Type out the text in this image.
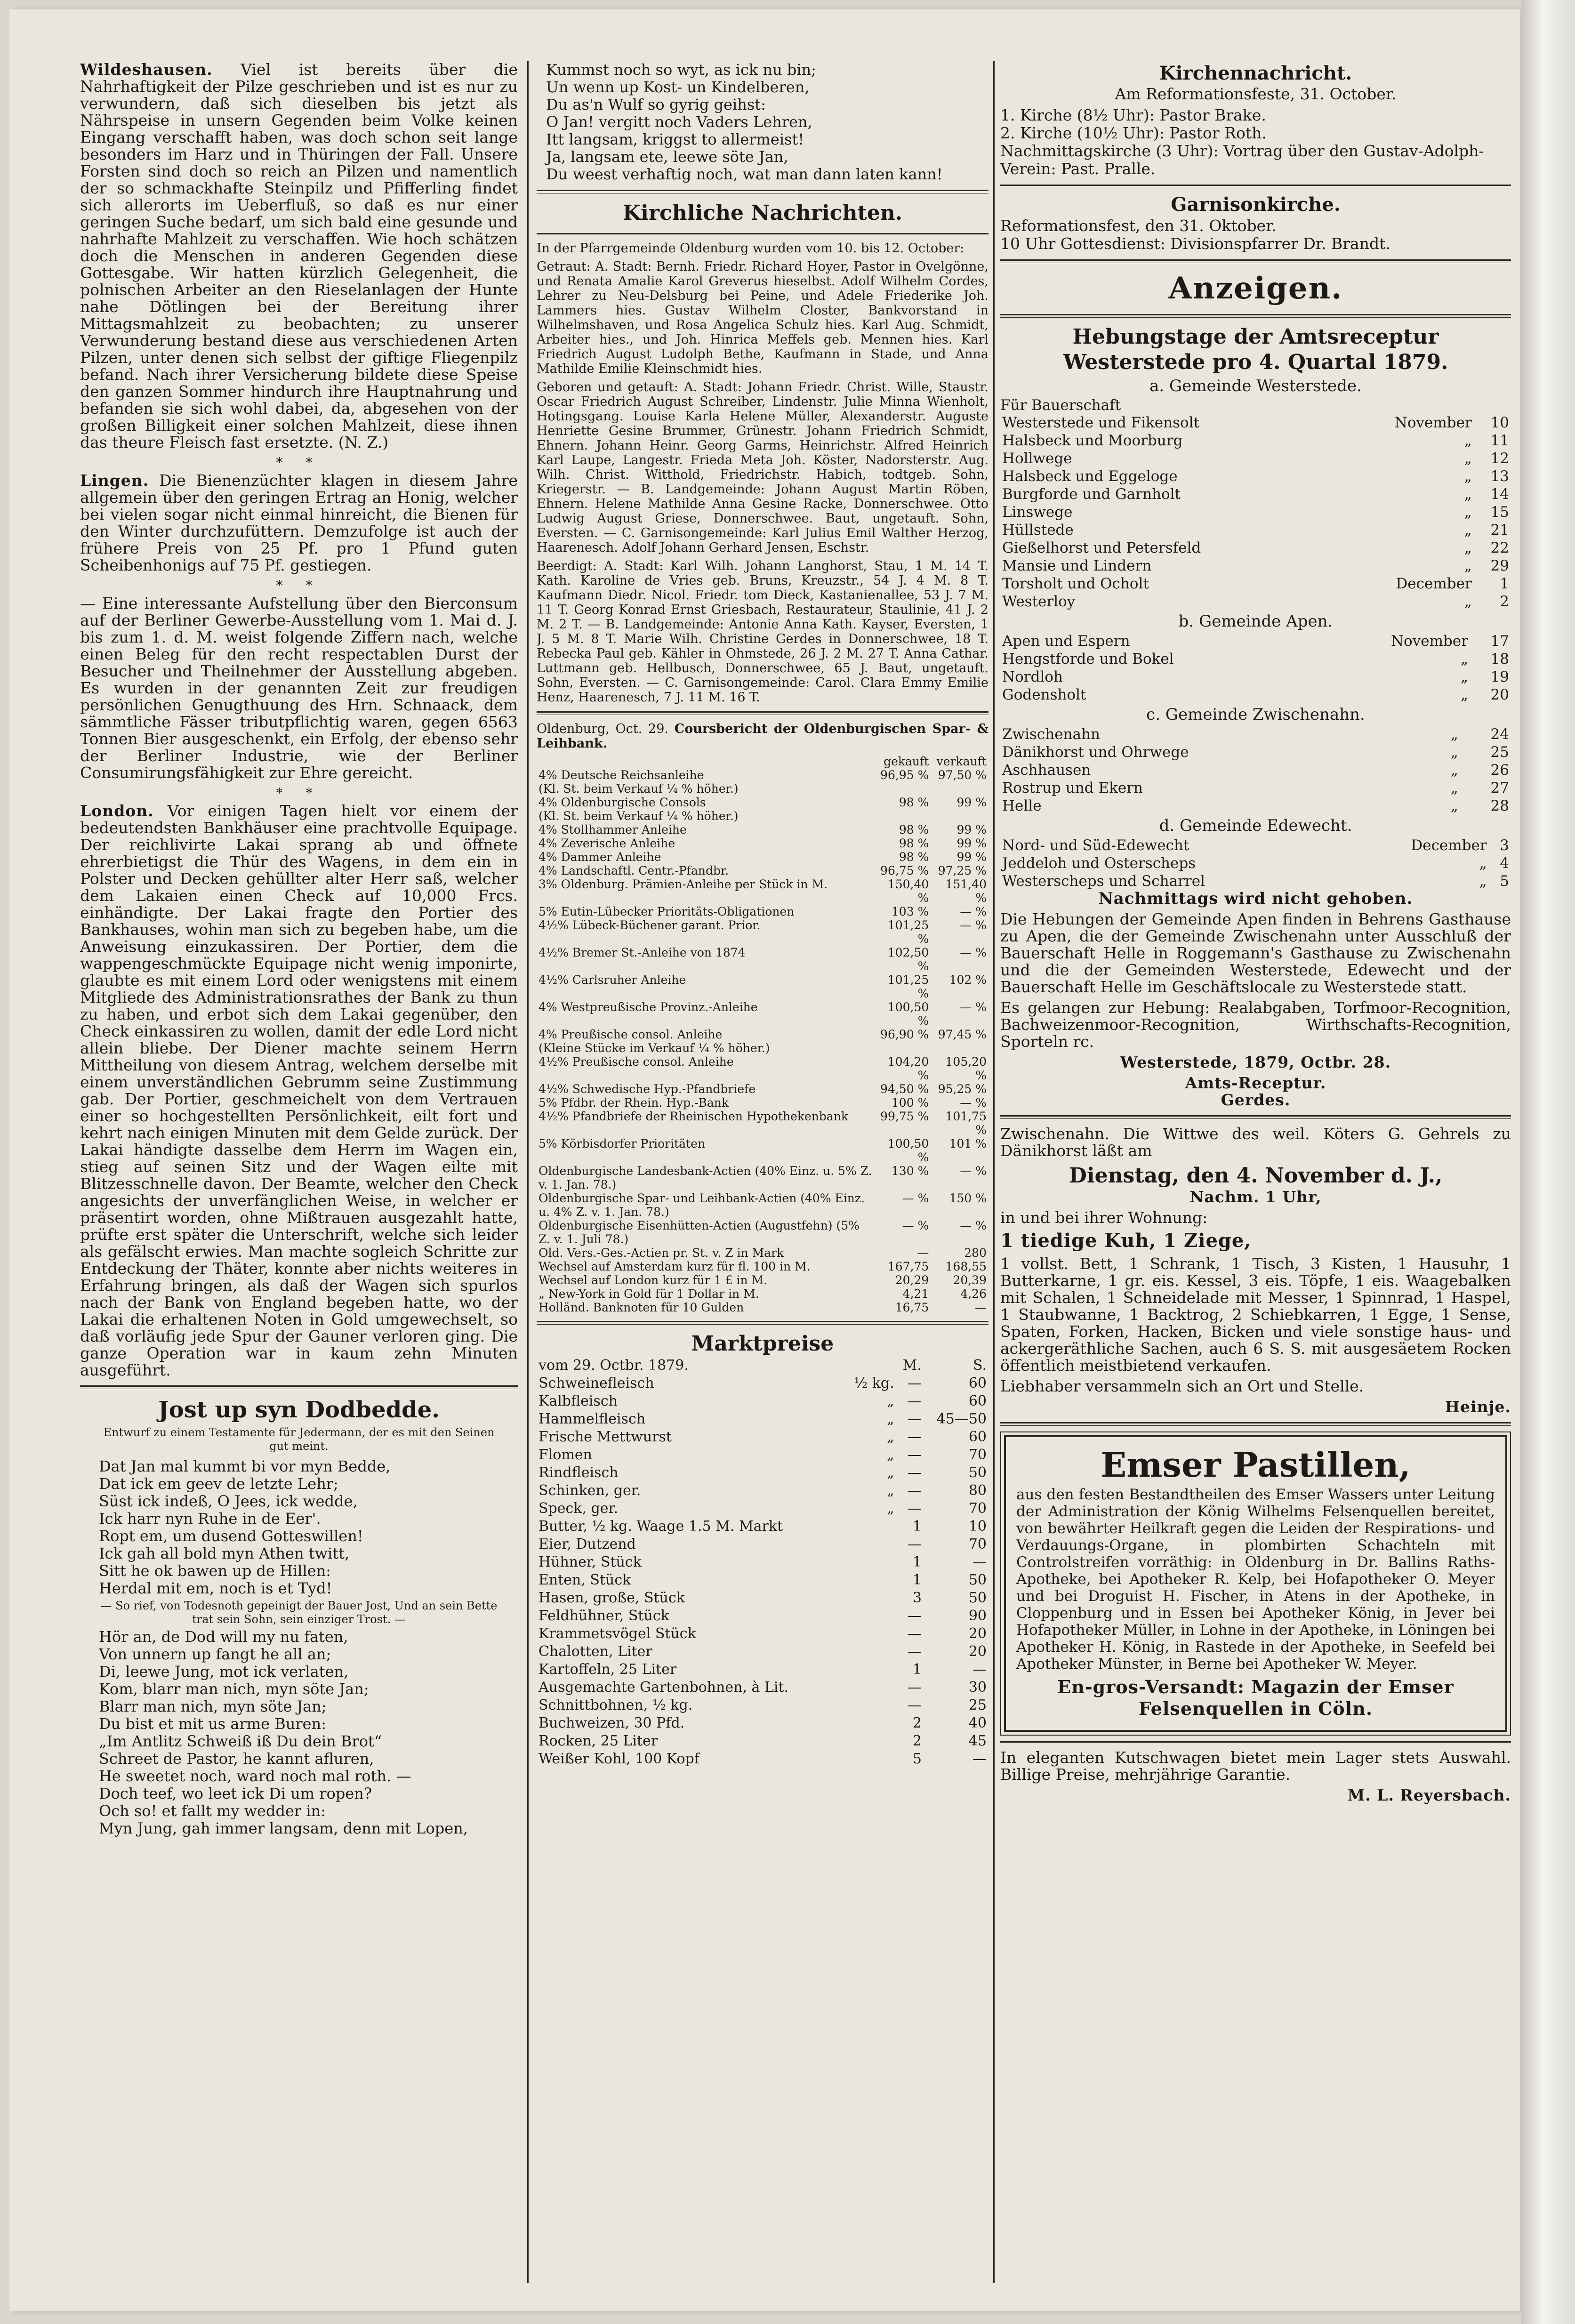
Wildeshausen. Viel ist bereits über die Nahrhaftigkeit der Pilze geschrieben und ist es nur zu verwundern, daß sich dieselben bis jetzt als Nährspeise in unsern Gegenden beim Volke keinen Eingang verschafft haben, was doch schon seit lange besonders im Harz und in Thüringen der Fall. Unsere Forsten sind doch so reich an Pilzen und namentlich der so schmackhafte Steinpilz und Pfifferling findet sich allerorts im Ueberfluß, so daß es nur einer geringen Suche bedarf, um sich bald eine gesunde und nahrhafte Mahlzeit zu verschaffen. Wie hoch schätzen doch die Menschen in anderen Gegenden diese Gottesgabe. Wir hatten kürzlich Gelegenheit, die polnischen Arbeiter an den Rieselanlagen der Hunte nahe Dötlingen bei der Bereitung ihrer Mittagsmahlzeit zu beobachten; zu unserer Verwunderung bestand diese aus verschiedenen Arten Pilzen, unter denen sich selbst der giftige Fliegenpilz befand. Nach ihrer Versicherung bildete diese Speise den ganzen Sommer hindurch ihre Hauptnahrung und befanden sie sich wohl dabei, da, abgesehen von der großen Billigkeit einer solchen Mahlzeit, diese ihnen das theure Fleisch fast ersetzte. (N. Z.)

* *

Lingen. Die Bienenzüchter klagen in diesem Jahre allgemein über den geringen Ertrag an Honig, welcher bei vielen sogar nicht einmal hinreicht, die Bienen für den Winter durchzufüttern. Demzufolge ist auch der frühere Preis von 25 Pf. pro 1 Pfund guten Scheibenhonigs auf 75 Pf. gestiegen.

* *

— Eine interessante Aufstellung über den Bierconsum auf der Berliner Gewerbe-Ausstellung vom 1. Mai d. J. bis zum 1. d. M. weist folgende Ziffern nach, welche einen Beleg für den recht respectablen Durst der Besucher und Theilnehmer der Ausstellung abgeben. Es wurden in der genannten Zeit zur freudigen persönlichen Genugthuung des Hrn. Schnaack, dem sämmtliche Fässer tributpflichtig waren, gegen 6563 Tonnen Bier ausgeschenkt, ein Erfolg, der ebenso sehr der Berliner Industrie, wie der Berliner Consumirungsfähigkeit zur Ehre gereicht.

* *

London. Vor einigen Tagen hielt vor einem der bedeutendsten Bankhäuser eine prachtvolle Equipage. Der reichlivirte Lakai sprang ab und öffnete ehrerbietigst die Thür des Wagens, in dem ein in Polster und Decken gehüllter alter Herr saß, welcher dem Lakaien einen Check auf 10,000 Frcs. einhändigte. Der Lakai fragte den Portier des Bankhauses, wohin man sich zu begeben habe, um die Anweisung einzukassiren. Der Portier, dem die wappengeschmückte Equipage nicht wenig imponirte, glaubte es mit einem Lord oder wenigstens mit einem Mitgliede des Administrationsrathes der Bank zu thun zu haben, und erbot sich dem Lakai gegenüber, den Check einkassiren zu wollen, damit der edle Lord nicht allein bliebe. Der Diener machte seinem Herrn Mittheilung von diesem Antrag, welchem derselbe mit einem unverständlichen Gebrumm seine Zustimmung gab. Der Portier, geschmeichelt von dem Vertrauen einer so hochgestellten Persönlichkeit, eilt fort und kehrt nach einigen Minuten mit dem Gelde zurück. Der Lakai händigte dasselbe dem Herrn im Wagen ein, stieg auf seinen Sitz und der Wagen eilte mit Blitzesschnelle davon. Der Beamte, welcher den Check angesichts der unverfänglichen Weise, in welcher er präsentirt worden, ohne Mißtrauen ausgezahlt hatte, prüfte erst später die Unterschrift, welche sich leider als gefälscht erwies. Man machte sogleich Schritte zur Entdeckung der Thäter, konnte aber nichts weiteres in Erfahrung bringen, als daß der Wagen sich spurlos nach der Bank von England begeben hatte, wo der Lakai die erhaltenen Noten in Gold umgewechselt, so daß vorläufig jede Spur der Gauner verloren ging. Die ganze Operation war in kaum zehn Minuten ausgeführt.

Jost up syn Dodbedde.

Entwurf zu einem Testamente für Jedermann, der es mit den Seinen gut meint.

Dat Jan mal kummt bi vor myn Bedde,
Dat ick em geev de letzte Lehr;
Süst ick indeß, O Jees, ick wedde,
Ick harr nyn Ruhe in de Eer'.
Ropt em, um dusend Gotteswillen!
Ick gah all bold myn Athen twitt,
Sitt he ok bawen up de Hillen:
Herdal mit em, noch is et Tyd!

— So rief, von Todesnoth gepeinigt der Bauer Jost, Und an sein Bette trat sein Sohn, sein einziger Trost. —

Hör an, de Dod will my nu faten,
Von unnern up fangt he all an;
Di, leewe Jung, mot ick verlaten,
Kom, blarr man nich, myn söte Jan;
Blarr man nich, myn söte Jan;
Du bist et mit us arme Buren:
„Im Antlitz Schweiß iß Du dein Brot“
Schreet de Pastor, he kannt afluren,
He sweetet noch, ward noch mal roth. —
Doch teef, wo leet ick Di um ropen?
Och so! et fallt my wedder in:
Myn Jung, gah immer langsam, denn mit Lopen,
Kummst noch so wyt, as ick nu bin;
Un wenn up Kost- un Kindelberen,
Du as'n Wulf so gyrig geihst:
O Jan! vergitt noch Vaders Lehren,
Itt langsam, kriggst to allermeist!
Ja, langsam ete, leewe söte Jan,
Du weest verhaftig noch, wat man dann laten kann!
Kirchliche Nachrichten.

In der Pfarrgemeinde Oldenburg wurden vom 10. bis 12. October:

Getraut: A. Stadt: Bernh. Friedr. Richard Hoyer, Pastor in Ovelgönne, und Renata Amalie Karol Greverus hieselbst. Adolf Wilhelm Cordes, Lehrer zu Neu-Delsburg bei Peine, und Adele Friederike Joh. Lammers hies. Gustav Wilhelm Closter, Bankvorstand in Wilhelmshaven, und Rosa Angelica Schulz hies. Karl Aug. Schmidt, Arbeiter hies., und Joh. Hinrica Meffels geb. Mennen hies. Karl Friedrich August Ludolph Bethe, Kaufmann in Stade, und Anna Mathilde Emilie Kleinschmidt hies.

Geboren und getauft: A. Stadt: Johann Friedr. Christ. Wille, Staustr. Oscar Friedrich August Schreiber, Lindenstr. Julie Minna Wienholt, Hotingsgang. Louise Karla Helene Müller, Alexanderstr. Auguste Henriette Gesine Brummer, Grünestr. Johann Friedrich Schmidt, Ehnern. Johann Heinr. Georg Garms, Heinrichstr. Alfred Heinrich Karl Laupe, Langestr. Frieda Meta Joh. Köster, Nadorsterstr. Aug. Wilh. Christ. Witthold, Friedrichstr. Habich, todtgeb. Sohn, Kriegerstr. — B. Landgemeinde: Johann August Martin Röben, Ehnern. Helene Mathilde Anna Gesine Racke, Donnerschwee. Otto Ludwig August Griese, Donnerschwee. Baut, ungetauft. Sohn, Eversten. — C. Garnisongemeinde: Karl Julius Emil Walther Herzog, Haarenesch. Adolf Johann Gerhard Jensen, Eschstr.

Beerdigt: A. Stadt: Karl Wilh. Johann Langhorst, Stau, 1 M. 14 T. Kath. Karoline de Vries geb. Bruns, Kreuzstr., 54 J. 4 M. 8 T. Kaufmann Diedr. Nicol. Friedr. tom Dieck, Kastanienallee, 53 J. 7 M. 11 T. Georg Konrad Ernst Griesbach, Restaurateur, Staulinie, 41 J. 2 M. 2 T. — B. Landgemeinde: Antonie Anna Kath. Kayser, Eversten, 1 J. 5 M. 8 T. Marie Wilh. Christine Gerdes in Donnerschwee, 18 T. Rebecka Paul geb. Kähler in Ohmstede, 26 J. 2 M. 27 T. Anna Cathar. Luttmann geb. Hellbusch, Donnerschwee, 65 J. Baut, ungetauft. Sohn, Eversten. — C. Garnisongemeinde: Carol. Clara Emmy Emilie Henz, Haarenesch, 7 J. 11 M. 16 T.

Oldenburg, Oct. 29. Coursbericht der Oldenburgischen Spar- & Leihbank.

	gekauft	verkauft
4% Deutsche Reichsanleihe	96,95 %	97,50 %
(Kl. St. beim Verkauf ¼ % höher.)		
4% Oldenburgische Consols	98 %	99 %
(Kl. St. beim Verkauf ¼ % höher.)		
4% Stollhammer Anleihe	98 %	99 %
4% Zeverische Anleihe	98 %	99 %
4% Dammer Anleihe	98 %	99 %
4% Landschaftl. Centr.-Pfandbr.	96,75 %	97,25 %
3% Oldenburg. Prämien-Anleihe per Stück in M.	150,40 %	151,40 %
5% Eutin-Lübecker Prioritäts-Obligationen	103 %	— %
4½% Lübeck-Büchener garant. Prior.	101,25 %	— %
4½% Bremer St.-Anleihe von 1874	102,50 %	— %
4½% Carlsruher Anleihe	101,25 %	102 %
4% Westpreußische Provinz.-Anleihe	100,50 %	— %
4% Preußische consol. Anleihe	96,90 %	97,45 %
(Kleine Stücke im Verkauf ¼ % höher.)		
4½% Preußische consol. Anleihe	104,20 %	105,20 %
4½% Schwedische Hyp.-Pfandbriefe	94,50 %	95,25 %
5% Pfdbr. der Rhein. Hyp.-Bank	100 %	— %
4½% Pfandbriefe der Rheinischen Hypothekenbank	99,75 %	101,75 %
5% Körbisdorfer Prioritäten	100,50 %	101 %
Oldenburgische Landesbank-Actien (40% Einz. u. 5% Z. v. 1. Jan. 78.)	130 %	— %
Oldenburgische Spar- und Leihbank-Actien (40% Einz. u. 4% Z. v. 1. Jan. 78.)	— %	150 %
Oldenburgische Eisenhütten-Actien (Augustfehn) (5% Z. v. 1. Juli 78.)	— %	— %
Old. Vers.-Ges.-Actien pr. St. v. Z in Mark	—	280
Wechsel auf Amsterdam kurz für fl. 100 in M.	167,75	168,55
Wechsel auf London kurz für 1 £ in M.	20,29	20,39
„ New-York in Gold für 1 Dollar in M.	4,21	4,26
Holländ. Banknoten für 10 Gulden	16,75	—
Marktpreise
vom 29. Octbr. 1879.		M.	S.
Schweinefleisch	½ kg.	—	60
Kalbfleisch	„	—	60
Hammelfleisch	„	—	45—50
Frische Mettwurst	„	—	60
Flomen	„	—	70
Rindfleisch	„	—	50
Schinken, ger.	„	—	80
Speck, ger.	„	—	70
Butter, ½ kg. Waage 1.5 M. Markt		1	10
Eier, Dutzend		—	70
Hühner, Stück		1	—
Enten, Stück		1	50
Hasen, große, Stück		3	50
Feldhühner, Stück		—	90
Krammetsvögel Stück		—	20
Chalotten, Liter		—	20
Kartoffeln, 25 Liter		1	—
Ausgemachte Gartenbohnen, à Lit.		—	30
Schnittbohnen, ½ kg.		—	25
Buchweizen, 30 Pfd.		2	40
Rocken, 25 Liter		2	45
Weißer Kohl, 100 Kopf		5	—
Kirchennachricht.

Am Reformationsfeste, 31. October.

1. Kirche (8½ Uhr): Pastor Brake.
2. Kirche (10½ Uhr): Pastor Roth.
Nachmittagskirche (3 Uhr): Vortrag über den Gustav-Adolph-Verein: Past. Pralle.
Garnisonkirche.
Reformationsfest, den 31. Oktober.
10 Uhr Gottesdienst: Divisionspfarrer Dr. Brandt.
Anzeigen.
Hebungstage der Amtsreceptur Westerstede pro 4. Quartal 1879.
a. Gemeinde Westerstede.
Für Bauerschaft
Westerstede und Fikensolt	November	10
Halsbeck und Moorburg	„	11
Hollwege	„	12
Halsbeck und Eggeloge	„	13
Burgforde und Garnholt	„	14
Linswege	„	15
Hüllstede	„	21
Gießelhorst und Petersfeld	„	22
Mansie und Lindern	„	29
Torsholt und Ocholt	December	1
Westerloy	„	2
b. Gemeinde Apen.
Apen und Espern	November	17
Hengstforde und Bokel	„	18
Nordloh	„	19
Godensholt	„	20
c. Gemeinde Zwischenahn.
Zwischenahn	„	24
Dänikhorst und Ohrwege	„	25
Aschhausen	„	26
Rostrup und Ekern	„	27
Helle	„	28
d. Gemeinde Edewecht.
Nord- und Süd-Edewecht	December	3
Jeddeloh und Osterscheps	„	4
Westerscheps und Scharrel	„	5

Nachmittags wird nicht gehoben.

Die Hebungen der Gemeinde Apen finden in Behrens Gasthause zu Apen, die der Gemeinde Zwischenahn unter Ausschluß der Bauerschaft Helle in Roggemann's Gasthause zu Zwischenahn und die der Gemeinden Westerstede, Edewecht und der Bauerschaft Helle im Geschäftslocale zu Westerstede statt.

Es gelangen zur Hebung: Realabgaben, Torfmoor-Recognition, Bachweizenmoor-Recognition, Wirthschafts-Recognition, Sporteln rc.

Westerstede, 1879, Octbr. 28.

Amts-Receptur.

Gerdes.

Zwischenahn. Die Wittwe des weil. Köters G. Gehrels zu Dänikhorst läßt am

Dienstag, den 4. November d. J.,

Nachm. 1 Uhr,

in und bei ihrer Wohnung:

1 tiedige Kuh, 1 Ziege,

1 vollst. Bett, 1 Schrank, 1 Tisch, 3 Kisten, 1 Hausuhr, 1 Butterkarne, 1 gr. eis. Kessel, 3 eis. Töpfe, 1 eis. Waagebalken mit Schalen, 1 Schneidelade mit Messer, 1 Spinnrad, 1 Haspel, 1 Staubwanne, 1 Backtrog, 2 Schiebkarren, 1 Egge, 1 Sense, Spaten, Forken, Hacken, Bicken und viele sonstige haus- und ackergeräthliche Sachen, auch 6 S. S. mit ausgesäetem Rocken öffentlich meistbietend verkaufen.

Liebhaber versammeln sich an Ort und Stelle.

Heinje.

Emser Pastillen,

aus den festen Bestandtheilen des Emser Wassers unter Leitung der Administration der König Wilhelms Felsenquellen bereitet, von bewährter Heilkraft gegen die Leiden der Respirations- und Verdauungs-Organe, in plombirten Schachteln mit Controlstreifen vorräthig: in Oldenburg in Dr. Ballins Raths-Apotheke, bei Apotheker R. Kelp, bei Hofapotheker O. Meyer und bei Droguist H. Fischer, in Atens in der Apotheke, in Cloppenburg und in Essen bei Apotheker König, in Jever bei Hofapotheker Müller, in Lohne in der Apotheke, in Löningen bei Apotheker H. König, in Rastede in der Apotheke, in Seefeld bei Apotheker Münster, in Berne bei Apotheker W. Meyer.

En-gros-Versandt: Magazin der Emser Felsenquellen in Cöln.

In eleganten Kutschwagen bietet mein Lager stets Auswahl. Billige Preise, mehrjährige Garantie.

M. L. Reyersbach.
